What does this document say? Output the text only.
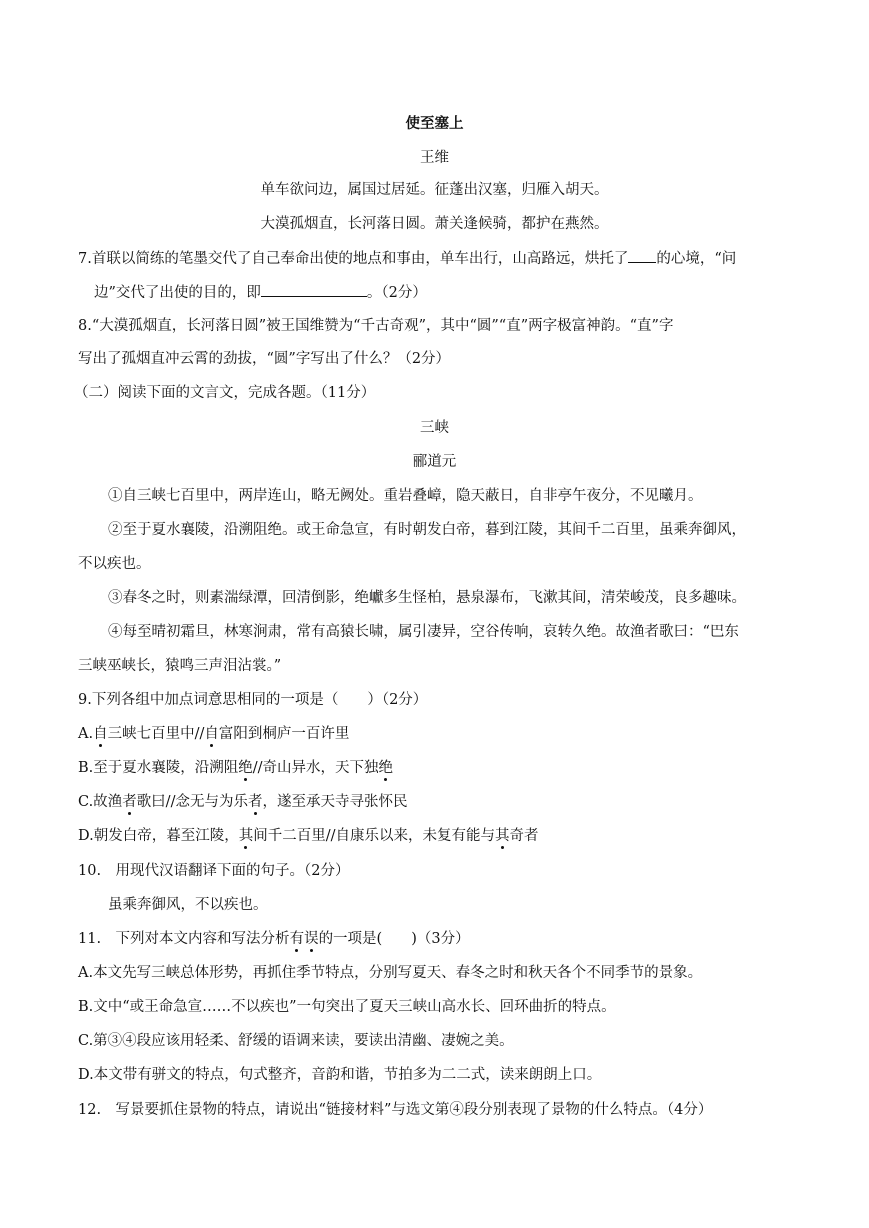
使至塞上
王维
单车欲问边，属国过居延。征蓬出汉塞，归雁入胡天。
大漠孤烟直，长河落日圆。萧关逢候骑，都护在燕然。
7.首联以简练的笔墨交代了自己奉命出使的地点和事由，单车出行，山高路远，烘托了 的心境，“问
边”交代了出使的目的，即	。（2分）
8.“大漠孤烟直，长河落日圆”被王国维赞为“千古奇观”，其中“圆”“直”两字极富神韵。“直”字
写出了孤烟直冲云霄的劲拔，“圆”字写出了什么？（2分）
（二）阅读下面的文言文，完成各题。（11分）
三峡
郦道元
①自三峡七百里中，两岸连山，略无阙处。重岩叠嶂，隐天蔽日，自非亭午夜分，不见曦月。
②至于夏水襄陵，沿溯阻绝。或王命急宣，有时朝发白帝，暮到江陵，其间千二百里，虽乘奔御风，
不以疾也。
③春冬之时，则素湍绿潭，回清倒影，绝巘多生怪柏，悬泉瀑布，飞漱其间，清荣峻茂，良多趣味。
④每至晴初霜旦，林寒涧肃，常有高猿长啸，属引凄异，空谷传响，哀转久绝。故渔者歌曰：“巴东
三峡巫峡长，猿鸣三声泪沾裳。”
9.下列各组中加点词意思相同的一项是（　　）（2分）
A.自三峡七百里中//自富阳到桐庐一百许里
B.至于夏水襄陵，沿溯阻绝//奇山异水，天下独绝
C.故渔者歌曰//念无与为乐者，遂至承天寺寻张怀民
D.朝发白帝，暮至江陵，其间千二百里//自康乐以来，未复有能与其奇者
10.　用现代汉语翻译下面的句子。（2分）
虽乘奔御风，不以疾也。
11.　下列对本文内容和写法分析有误的一项是(　　)（3分）
A.本文先写三峡总体形势，再抓住季节特点，分别写夏天、春冬之时和秋天各个不同季节的景象。
B.文中“或王命急宣……不以疾也”一句突出了夏天三峡山高水长、回环曲折的特点。
C.第③④段应该用轻柔、舒缓的语调来读，要读出清幽、凄婉之美。
D.本文带有骈文的特点，句式整齐，音韵和谐，节拍多为二二式，读来朗朗上口。
12.　写景要抓住景物的特点，请说出“链接材料”与选文第④段分别表现了景物的什么特点。（4分）
